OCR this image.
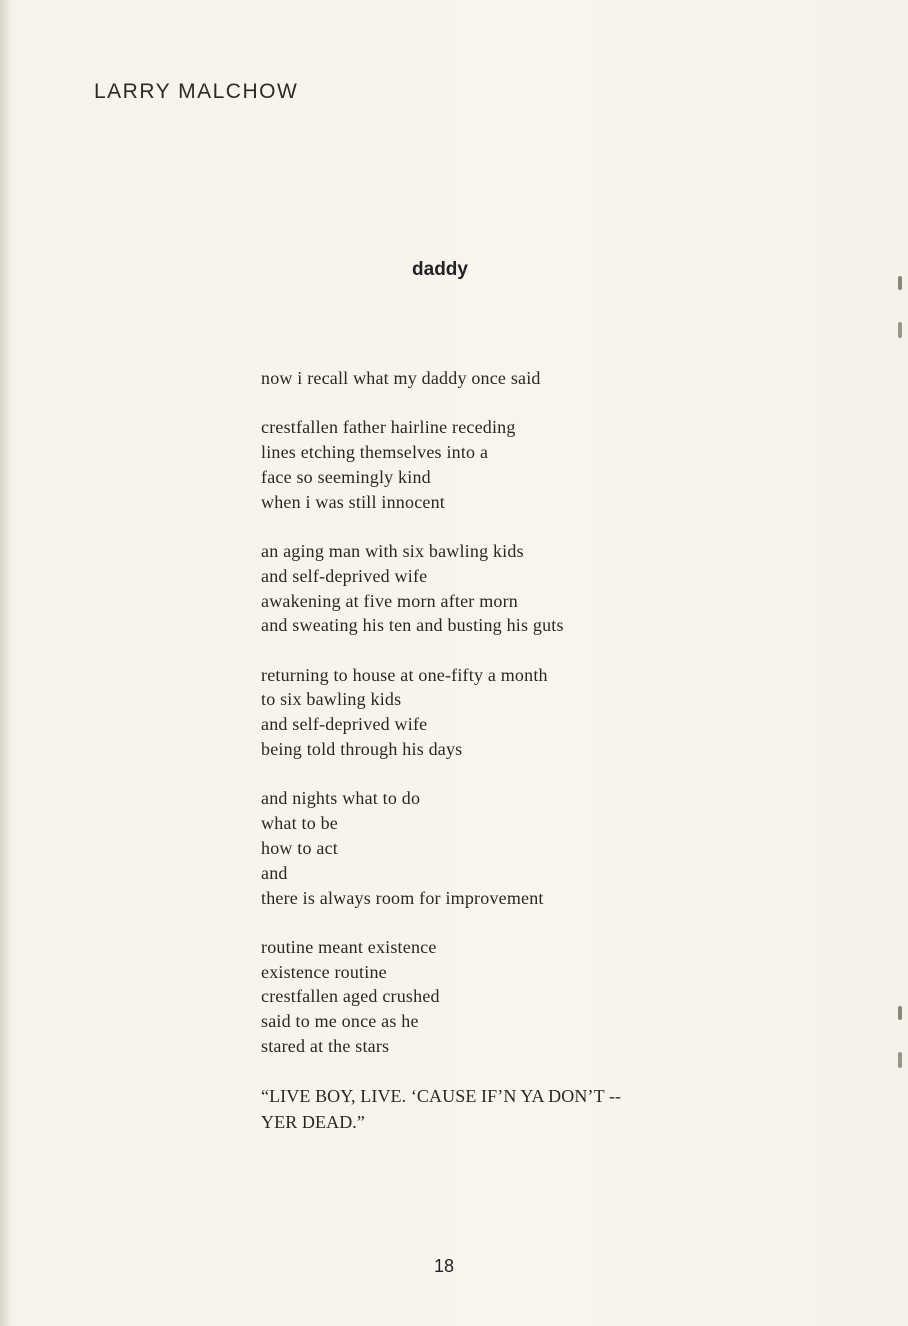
LARRY MALCHOW
daddy
now i recall what my daddy once said
crestfallen father hairline receding
lines etching themselves into a
face so seemingly kind
when i was still innocent
an aging man with six bawling kids
and self-deprived wife
awakening at five morn after morn
and sweating his ten and busting his guts
returning to house at one-fifty a month
to six bawling kids
and self-deprived wife
being told through his days
and nights what to do
what to be
how to act
and
there is always room for improvement
routine meant existence
existence routine
crestfallen aged crushed
said to me once as he
stared at the stars
“LIVE BOY, LIVE. ‘CAUSE IF’N YA DON’T --
YER DEAD.”
18
